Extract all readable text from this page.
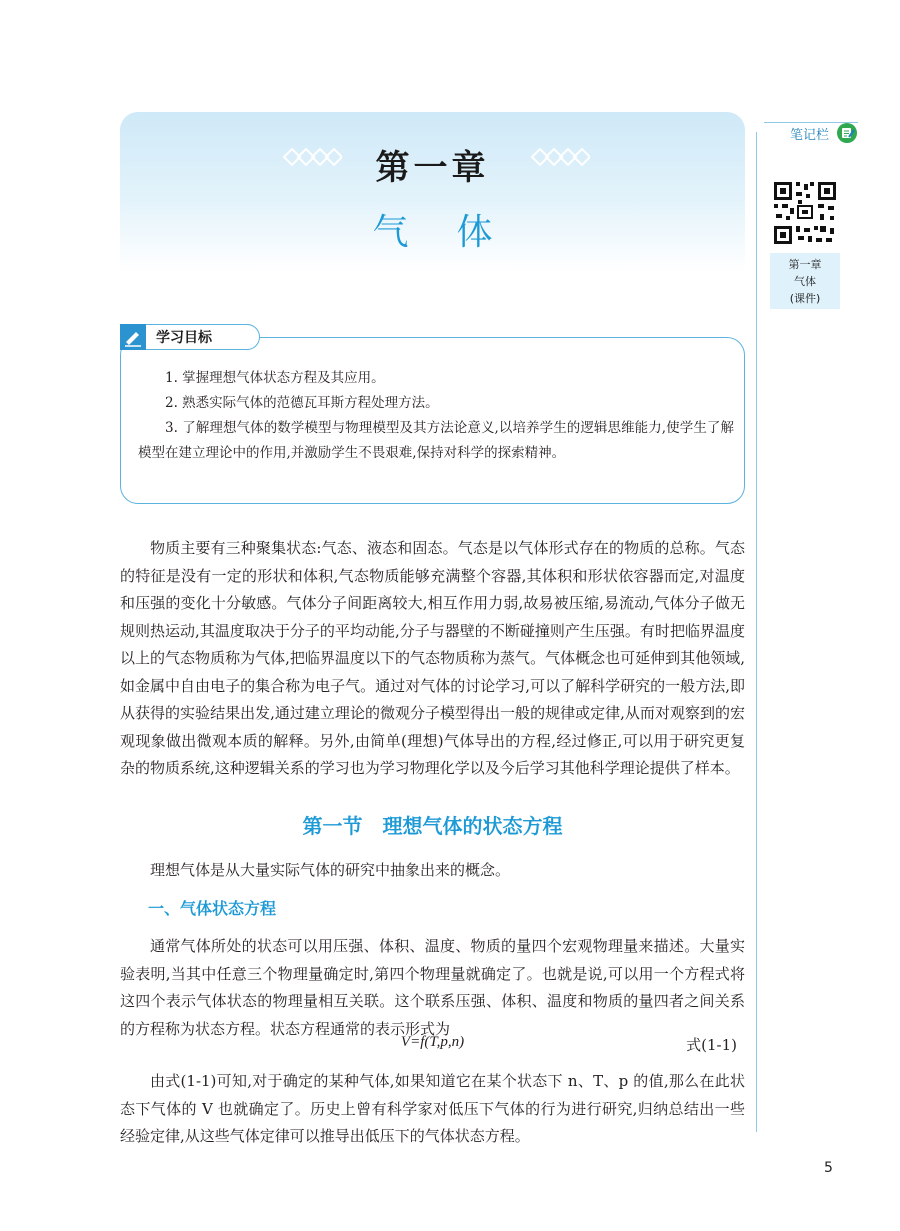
第一章
气体
笔记栏
第一章
气体
(课件)
学习目标

1. 掌握理想气体状态方程及其应用。

2. 熟悉实际气体的范德瓦耳斯方程处理方法。

3. 了解理想气体的数学模型与物理模型及其方法论意义,以培养学生的逻辑思维能力,使学生了解模型在建立理论中的作用,并激励学生不畏艰难,保持对科学的探索精神。

物质主要有三种聚集状态:气态、液态和固态。气态是以气体形式存在的物质的总称。气态的特征是没有一定的形状和体积,气态物质能够充满整个容器,其体积和形状依容器而定,对温度和压强的变化十分敏感。气体分子间距离较大,相互作用力弱,故易被压缩,易流动,气体分子做无规则热运动,其温度取决于分子的平均动能,分子与器壁的不断碰撞则产生压强。有时把临界温度以上的气态物质称为气体,把临界温度以下的气态物质称为蒸气。气体概念也可延伸到其他领域,如金属中自由电子的集合称为电子气。通过对气体的讨论学习,可以了解科学研究的一般方法,即从获得的实验结果出发,通过建立理论的微观分子模型得出一般的规律或定律,从而对观察到的宏观现象做出微观本质的解释。另外,由简单(理想)气体导出的方程,经过修正,可以用于研究更复杂的物质系统,这种逻辑关系的学习也为学习物理化学以及今后学习其他科学理论提供了样本。

第一节　理想气体的状态方程

理想气体是从大量实际气体的研究中抽象出来的概念。

一、气体状态方程

通常气体所处的状态可以用压强、体积、温度、物质的量四个宏观物理量来描述。大量实验表明,当其中任意三个物理量确定时,第四个物理量就确定了。也就是说,可以用一个方程式将这四个表示气体状态的物理量相互关联。这个联系压强、体积、温度和物质的量四者之间关系的方程称为状态方程。状态方程通常的表示形式为

V=f(T,p,n)	式(1-1)

由式(1-1)可知,对于确定的某种气体,如果知道它在某个状态下 n、T、p 的值,那么在此状态下气体的 V 也就确定了。历史上曾有科学家对低压下气体的行为进行研究,归纳总结出一些经验定律,从这些气体定律可以推导出低压下的气体状态方程。

5
